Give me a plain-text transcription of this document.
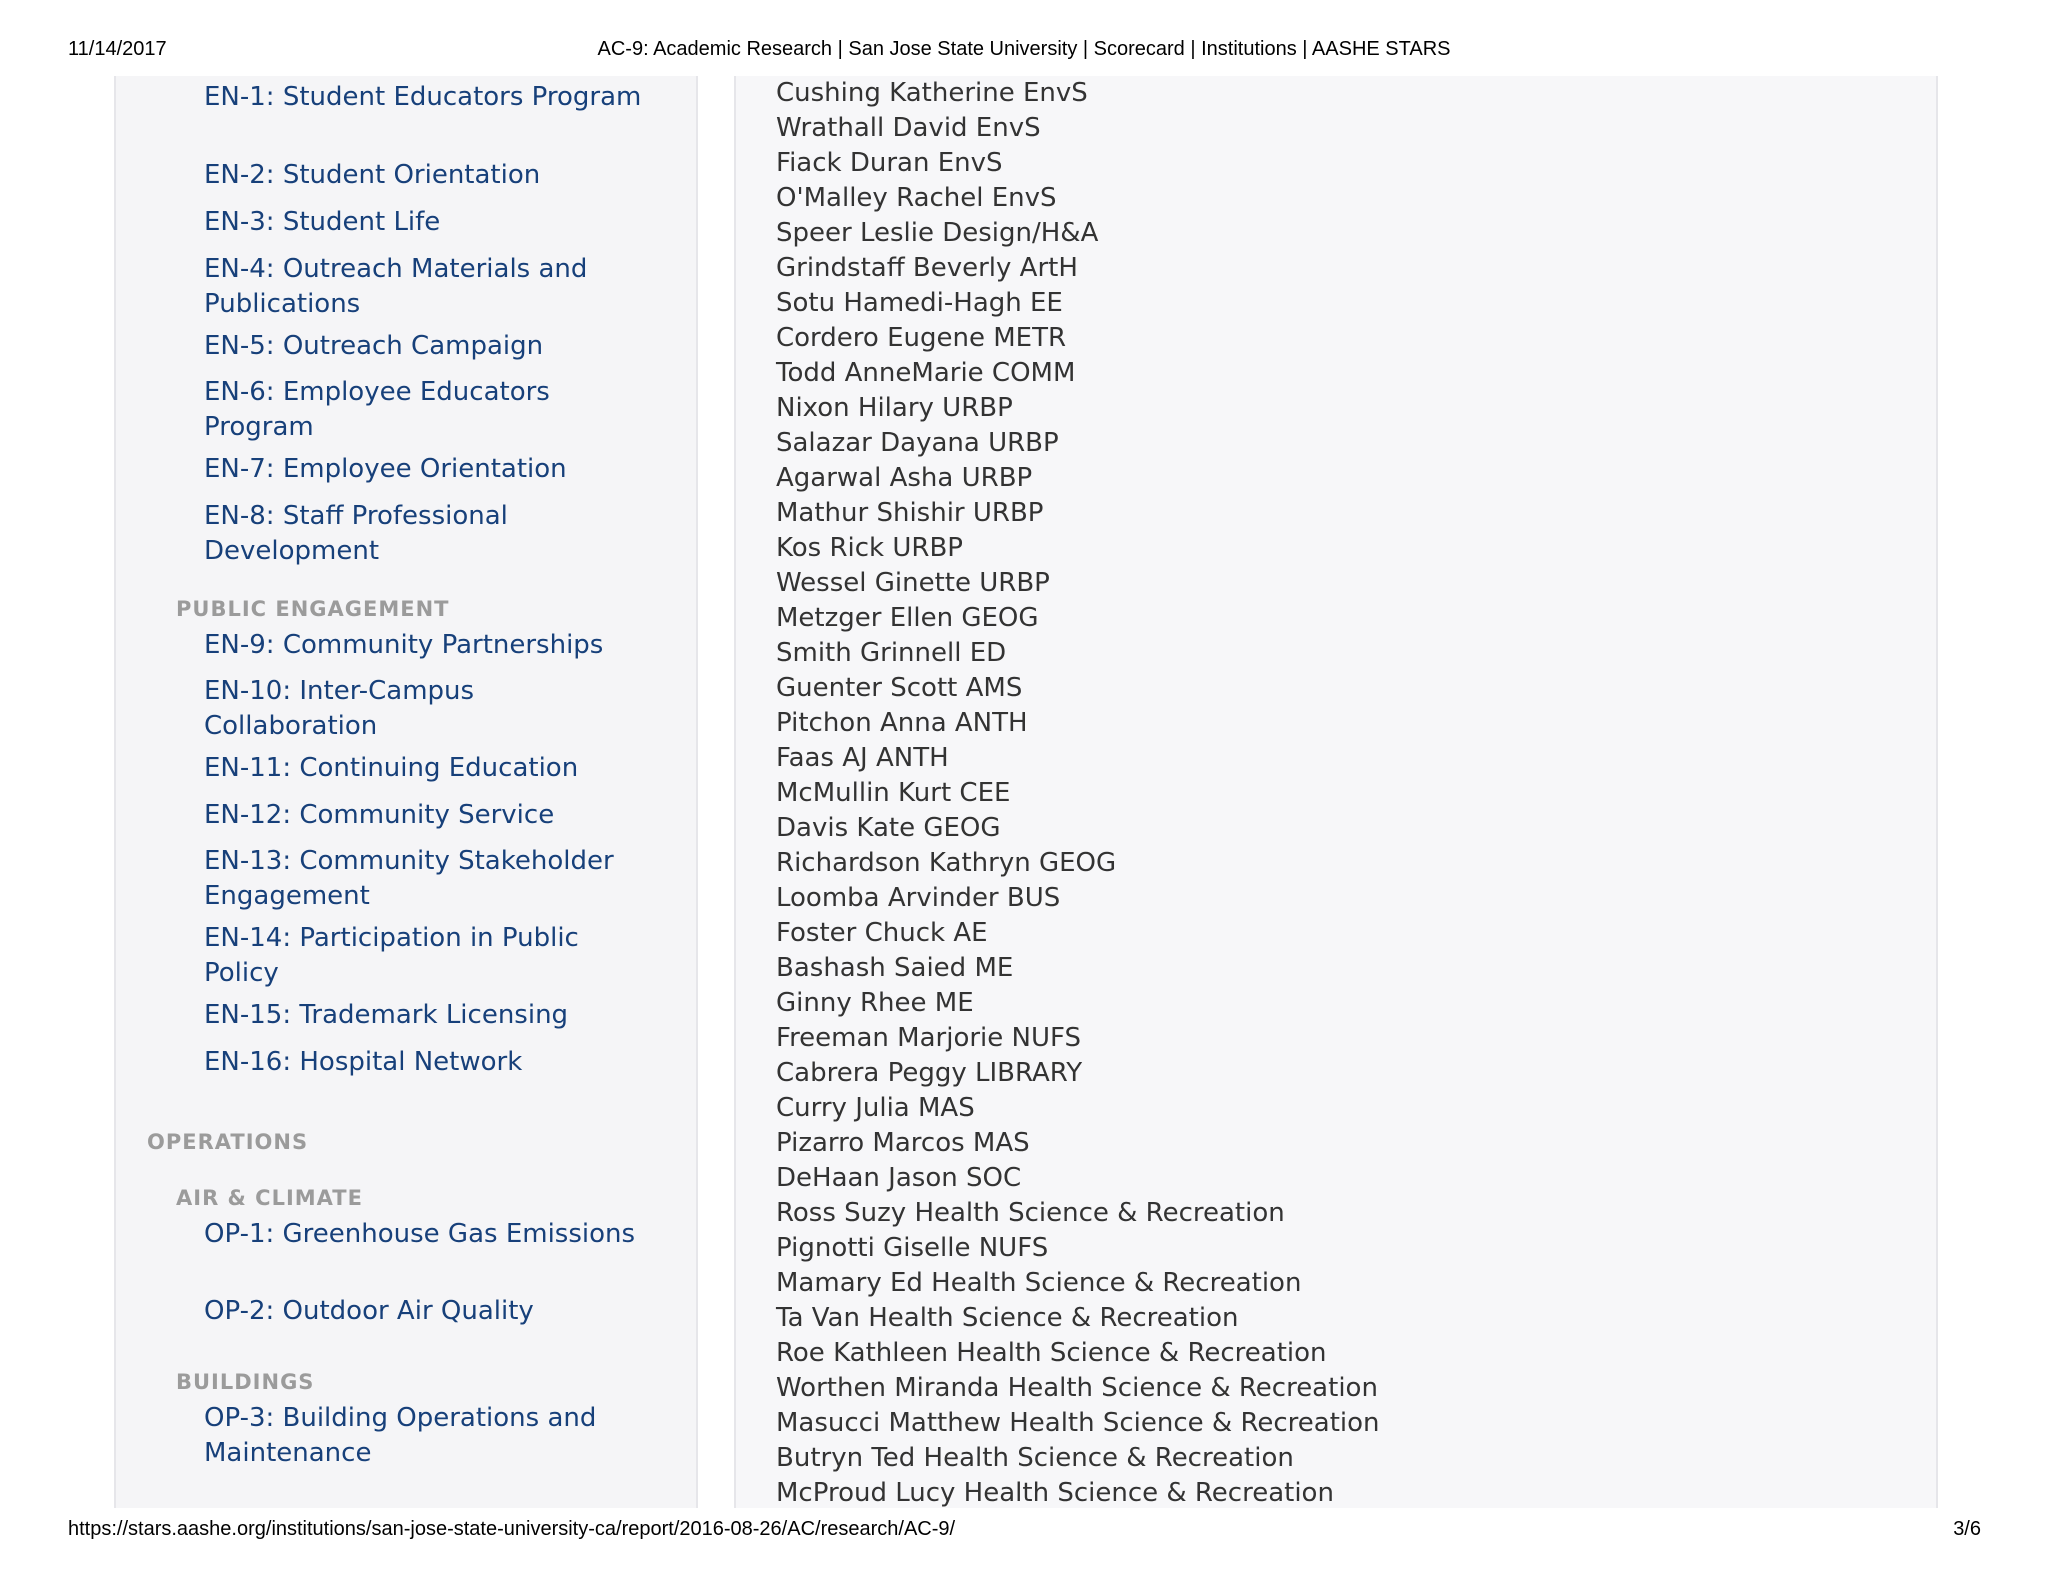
11/14/2017	AC-9: Academic Research | San Jose State University | Scorecard | Institutions | AASHE STARS
EN-1: Student Educators Program
EN-2: Student Orientation
EN-3: Student Life
EN-4: Outreach Materials and Publications
EN-5: Outreach Campaign
EN-6: Employee Educators Program
EN-7: Employee Orientation
EN-8: Staff Professional Development
PUBLIC ENGAGEMENT
EN-9: Community Partnerships
EN-10: Inter-Campus Collaboration
EN-11: Continuing Education
EN-12: Community Service
EN-13: Community Stakeholder Engagement
EN-14: Participation in Public Policy
EN-15: Trademark Licensing
EN-16: Hospital Network
OPERATIONS
AIR & CLIMATE
OP-1: Greenhouse Gas Emissions
OP-2: Outdoor Air Quality
BUILDINGS
OP-3: Building Operations and Maintenance
Cushing Katherine EnvS
Wrathall David EnvS
Fiack Duran EnvS
O'Malley Rachel EnvS
Speer Leslie Design/H&A
Grindstaff Beverly ArtH
Sotu Hamedi-Hagh EE
Cordero Eugene METR
Todd AnneMarie COMM
Nixon Hilary URBP
Salazar Dayana URBP
Agarwal Asha URBP
Mathur Shishir URBP
Kos Rick URBP
Wessel Ginette URBP
Metzger Ellen GEOG
Smith Grinnell ED
Guenter Scott AMS
Pitchon Anna ANTH
Faas AJ ANTH
McMullin Kurt CEE
Davis Kate GEOG
Richardson Kathryn GEOG
Loomba Arvinder BUS
Foster Chuck AE
Bashash Saied ME
Ginny Rhee ME
Freeman Marjorie NUFS
Cabrera Peggy LIBRARY
Curry Julia MAS
Pizarro Marcos MAS
DeHaan Jason SOC
Ross Suzy Health Science & Recreation
Pignotti Giselle NUFS
Mamary Ed Health Science & Recreation
Ta Van Health Science & Recreation
Roe Kathleen Health Science & Recreation
Worthen Miranda Health Science & Recreation
Masucci Matthew Health Science & Recreation
Butryn Ted Health Science & Recreation
McProud Lucy Health Science & Recreation
https://stars.aashe.org/institutions/san-jose-state-university-ca/report/2016-08-26/AC/research/AC-9/	3/6
